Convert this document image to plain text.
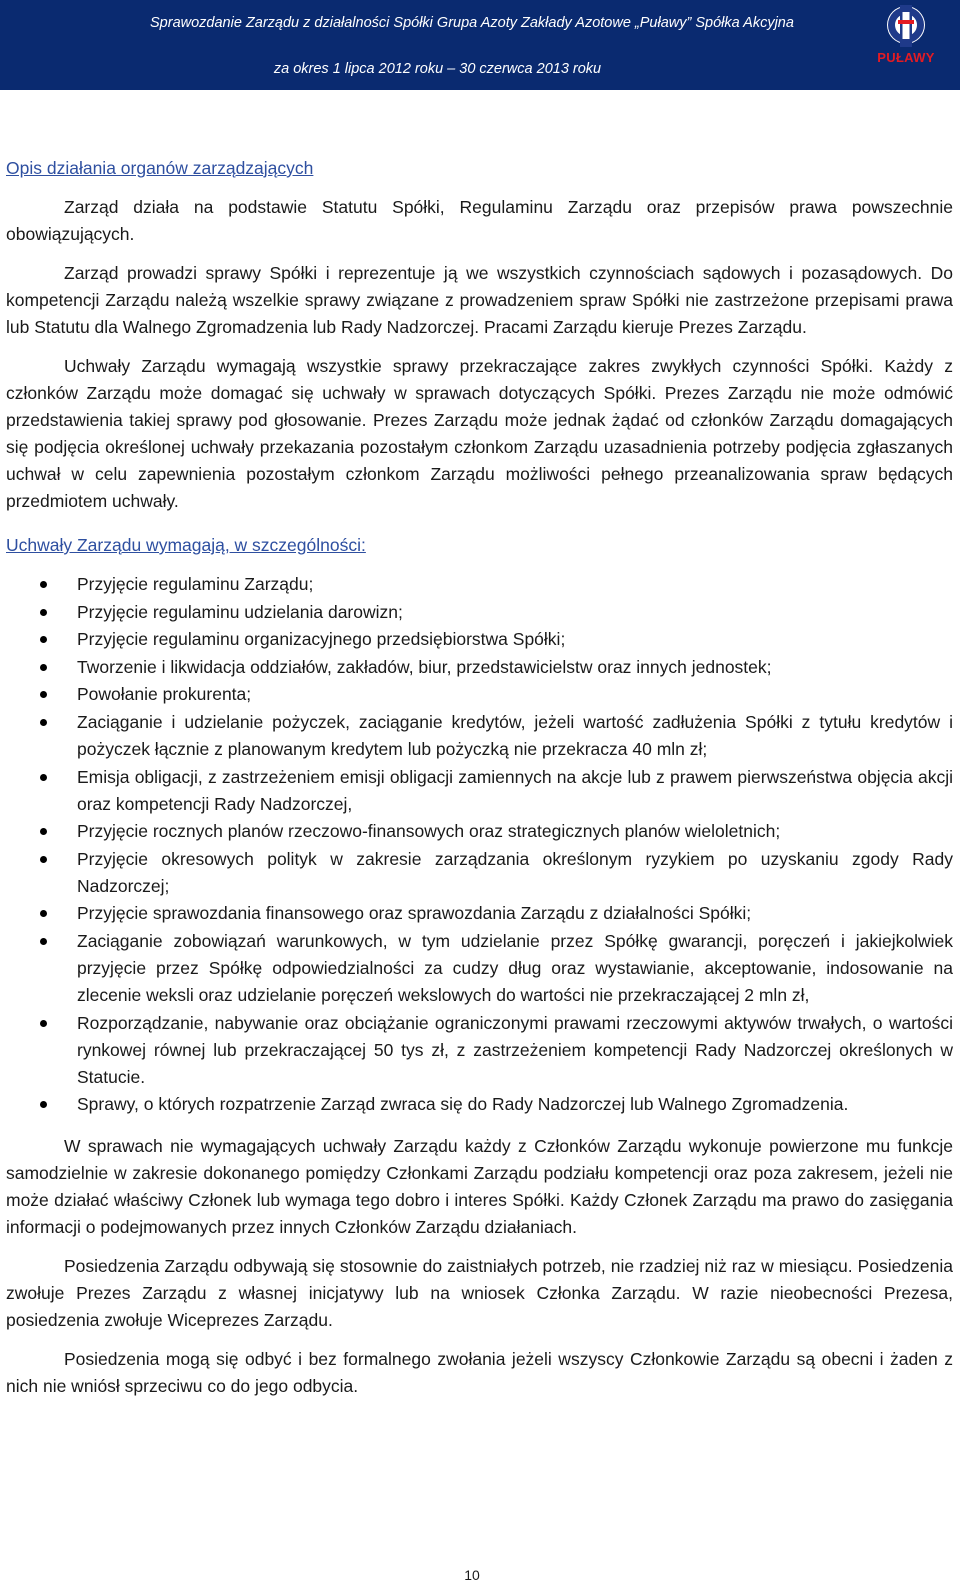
Sprawozdanie Zarządu z działalności Spółki Grupa Azoty Zakłady Azotowe „Puławy” Spółka Akcyjna
za okres 1 lipca 2012 roku – 30 czerwca 2013 roku
PUŁAWY
Opis działania organów zarządzających

Zarząd działa na podstawie Statutu Spółki, Regulaminu Zarządu oraz przepisów prawa powszechnie obowiązujących.

Zarząd prowadzi sprawy Spółki i reprezentuje ją we wszystkich czynnościach sądowych i pozasądowych. Do kompetencji Zarządu należą wszelkie sprawy związane z prowadzeniem spraw Spółki nie zastrzeżone przepisami prawa lub Statutu dla Walnego Zgromadzenia lub Rady Nadzorczej. Pracami Zarządu kieruje Prezes Zarządu.

Uchwały Zarządu wymagają wszystkie sprawy przekraczające zakres zwykłych czynności Spółki. Każdy z członków Zarządu może domagać się uchwały w sprawach dotyczących Spółki. Prezes Zarządu nie może odmówić przedstawienia takiej sprawy pod głosowanie. Prezes Zarządu może jednak żądać od członków Zarządu domagających się podjęcia określonej uchwały przekazania pozostałym członkom Zarządu uzasadnienia potrzeby podjęcia zgłaszanych uchwał w celu zapewnienia pozostałym członkom Zarządu możliwości pełnego przeanalizowania spraw będących przedmiotem uchwały.

Uchwały Zarządu wymagają, w szczególności:
Przyjęcie regulaminu Zarządu;
Przyjęcie regulaminu udzielania darowizn;
Przyjęcie regulaminu organizacyjnego przedsiębiorstwa Spółki;
Tworzenie i likwidacja oddziałów, zakładów, biur, przedstawicielstw oraz innych jednostek;
Powołanie prokurenta;
Zaciąganie i udzielanie pożyczek, zaciąganie kredytów, jeżeli wartość zadłużenia Spółki z tytułu kredytów i pożyczek łącznie z planowanym kredytem lub pożyczką nie przekracza 40 mln zł;
Emisja obligacji, z zastrzeżeniem emisji obligacji zamiennych na akcje lub z prawem pierwszeństwa objęcia akcji oraz kompetencji Rady Nadzorczej,
Przyjęcie rocznych planów rzeczowo-finansowych oraz strategicznych planów wieloletnich;
Przyjęcie okresowych polityk w zakresie zarządzania określonym ryzykiem po uzyskaniu zgody Rady Nadzorczej;
Przyjęcie sprawozdania finansowego oraz sprawozdania Zarządu z działalności Spółki;
Zaciąganie zobowiązań warunkowych, w tym udzielanie przez Spółkę gwarancji, poręczeń i jakiejkolwiek przyjęcie przez Spółkę odpowiedzialności za cudzy dług oraz wystawianie, akceptowanie, indosowanie na zlecenie weksli oraz udzielanie poręczeń wekslowych do wartości nie przekraczającej 2 mln zł,
Rozporządzanie, nabywanie oraz obciążanie ograniczonymi prawami rzeczowymi aktywów trwałych, o wartości rynkowej równej lub przekraczającej 50 tys zł, z zastrzeżeniem kompetencji Rady Nadzorczej określonych w Statucie.
Sprawy, o których rozpatrzenie Zarząd zwraca się do Rady Nadzorczej lub Walnego Zgromadzenia.

W sprawach nie wymagających uchwały Zarządu każdy z Członków Zarządu wykonuje powierzone mu funkcje samodzielnie w zakresie dokonanego pomiędzy Członkami Zarządu podziału kompetencji oraz poza zakresem, jeżeli nie może działać właściwy Członek lub wymaga tego dobro i interes Spółki. Każdy Członek Zarządu ma prawo do zasięgania informacji o podejmowanych przez innych Członków Zarządu działaniach.

Posiedzenia Zarządu odbywają się stosownie do zaistniałych potrzeb, nie rzadziej niż raz w miesiącu. Posiedzenia zwołuje Prezes Zarządu z własnej inicjatywy lub na wniosek Członka Zarządu. W razie nieobecności Prezesa, posiedzenia zwołuje Wiceprezes Zarządu.

Posiedzenia mogą się odbyć i bez formalnego zwołania jeżeli wszyscy Członkowie Zarządu są obecni i żaden z nich nie wniósł sprzeciwu co do jego odbycia.

10
